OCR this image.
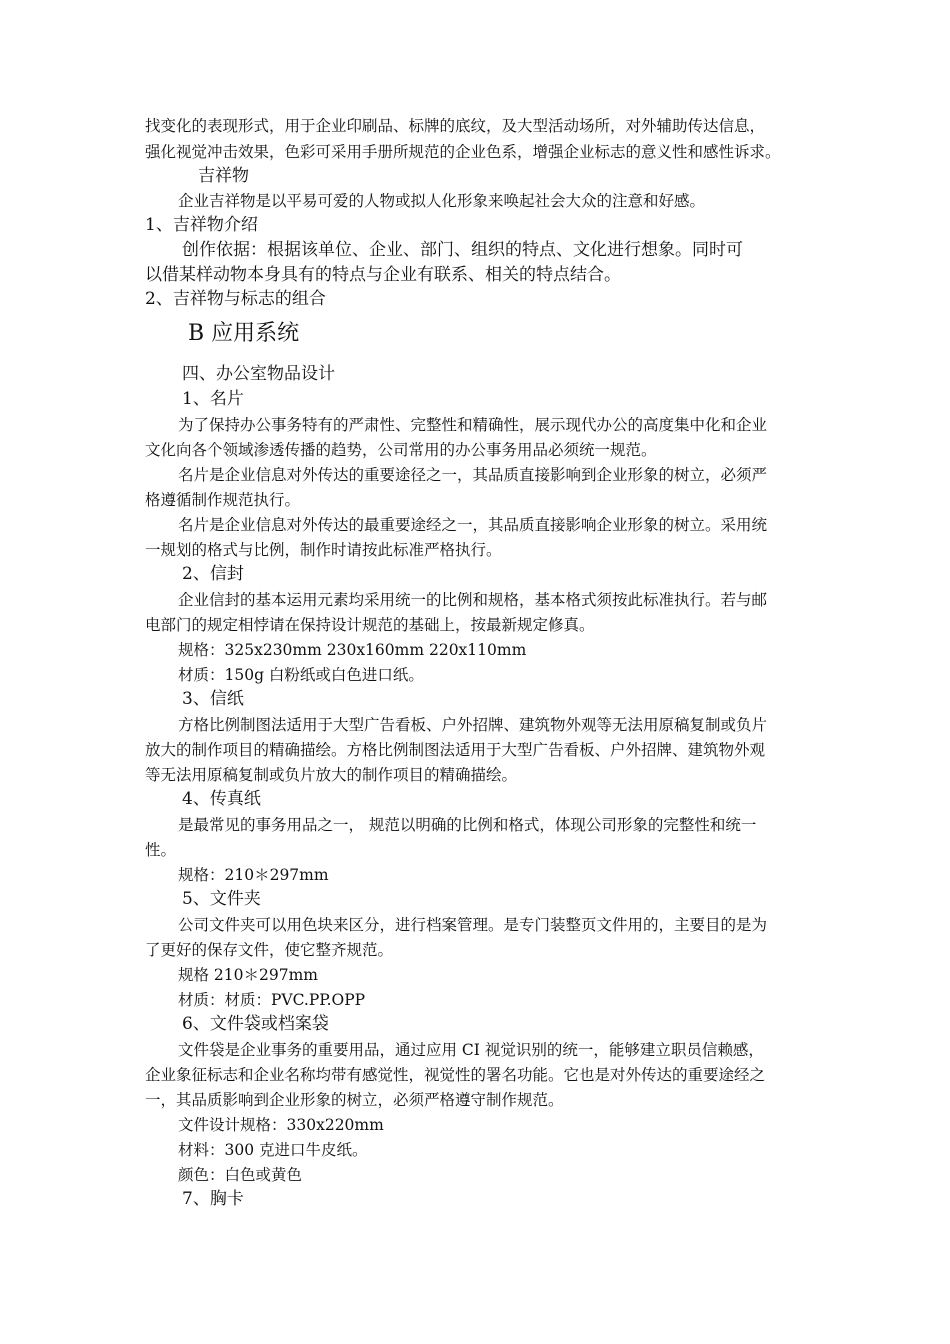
找变化的表现形式，用于企业印刷品、标牌的底纹，及大型活动场所，对外辅助传达信息，
强化视觉冲击效果，色彩可采用手册所规范的企业色系，增强企业标志的意义性和感性诉求。
吉祥物
企业吉祥物是以平易可爱的人物或拟人化形象来唤起社会大众的注意和好感。
1、吉祥物介绍
创作依据：根据该单位、企业、部门、组织的特点、文化进行想象。同时可
以借某样动物本身具有的特点与企业有联系、相关的特点结合。
2、吉祥物与标志的组合
B 应用系统
四、办公室物品设计
1、名片
为了保持办公事务特有的严肃性、完整性和精确性，展示现代办公的高度集中化和企业
文化向各个领域渗透传播的趋势，公司常用的办公事务用品必须统一规范。
名片是企业信息对外传达的重要途径之一，其品质直接影响到企业形象的树立，必须严
格遵循制作规范执行。
名片是企业信息对外传达的最重要途经之一，其品质直接影响企业形象的树立。采用统
一规划的格式与比例，制作时请按此标准严格执行。
2、信封
企业信封的基本运用元素均采用统一的比例和规格，基本格式须按此标准执行。若与邮
电部门的规定相悖请在保持设计规范的基础上，按最新规定修真。
规格：325x230mm 230x160mm 220x110mm
材质：150g 白粉纸或白色进口纸。
3、信纸
方格比例制图法适用于大型广告看板、户外招牌、建筑物外观等无法用原稿复制或负片
放大的制作项目的精确描绘。方格比例制图法适用于大型广告看板、户外招牌、建筑物外观
等无法用原稿复制或负片放大的制作项目的精确描绘。
4、传真纸
是最常见的事务用品之一， 规范以明确的比例和格式，体现公司形象的完整性和统一
性。
规格：210＊297mm
5、文件夹
公司文件夹可以用色块来区分，进行档案管理。是专门装整页文件用的，主要目的是为
了更好的保存文件，使它整齐规范。
规格 210＊297mm
材质：材质：PVC.PP.OPP
6、文件袋或档案袋
文件袋是企业事务的重要用品，通过应用 CI 视觉识别的统一，能够建立职员信赖感，
企业象征标志和企业名称均带有感觉性，视觉性的署名功能。它也是对外传达的重要途经之
一，其品质影响到企业形象的树立，必须严格遵守制作规范。
文件设计规格：330x220mm
材料：300 克进口牛皮纸。
颜色：白色或黄色
7、胸卡
